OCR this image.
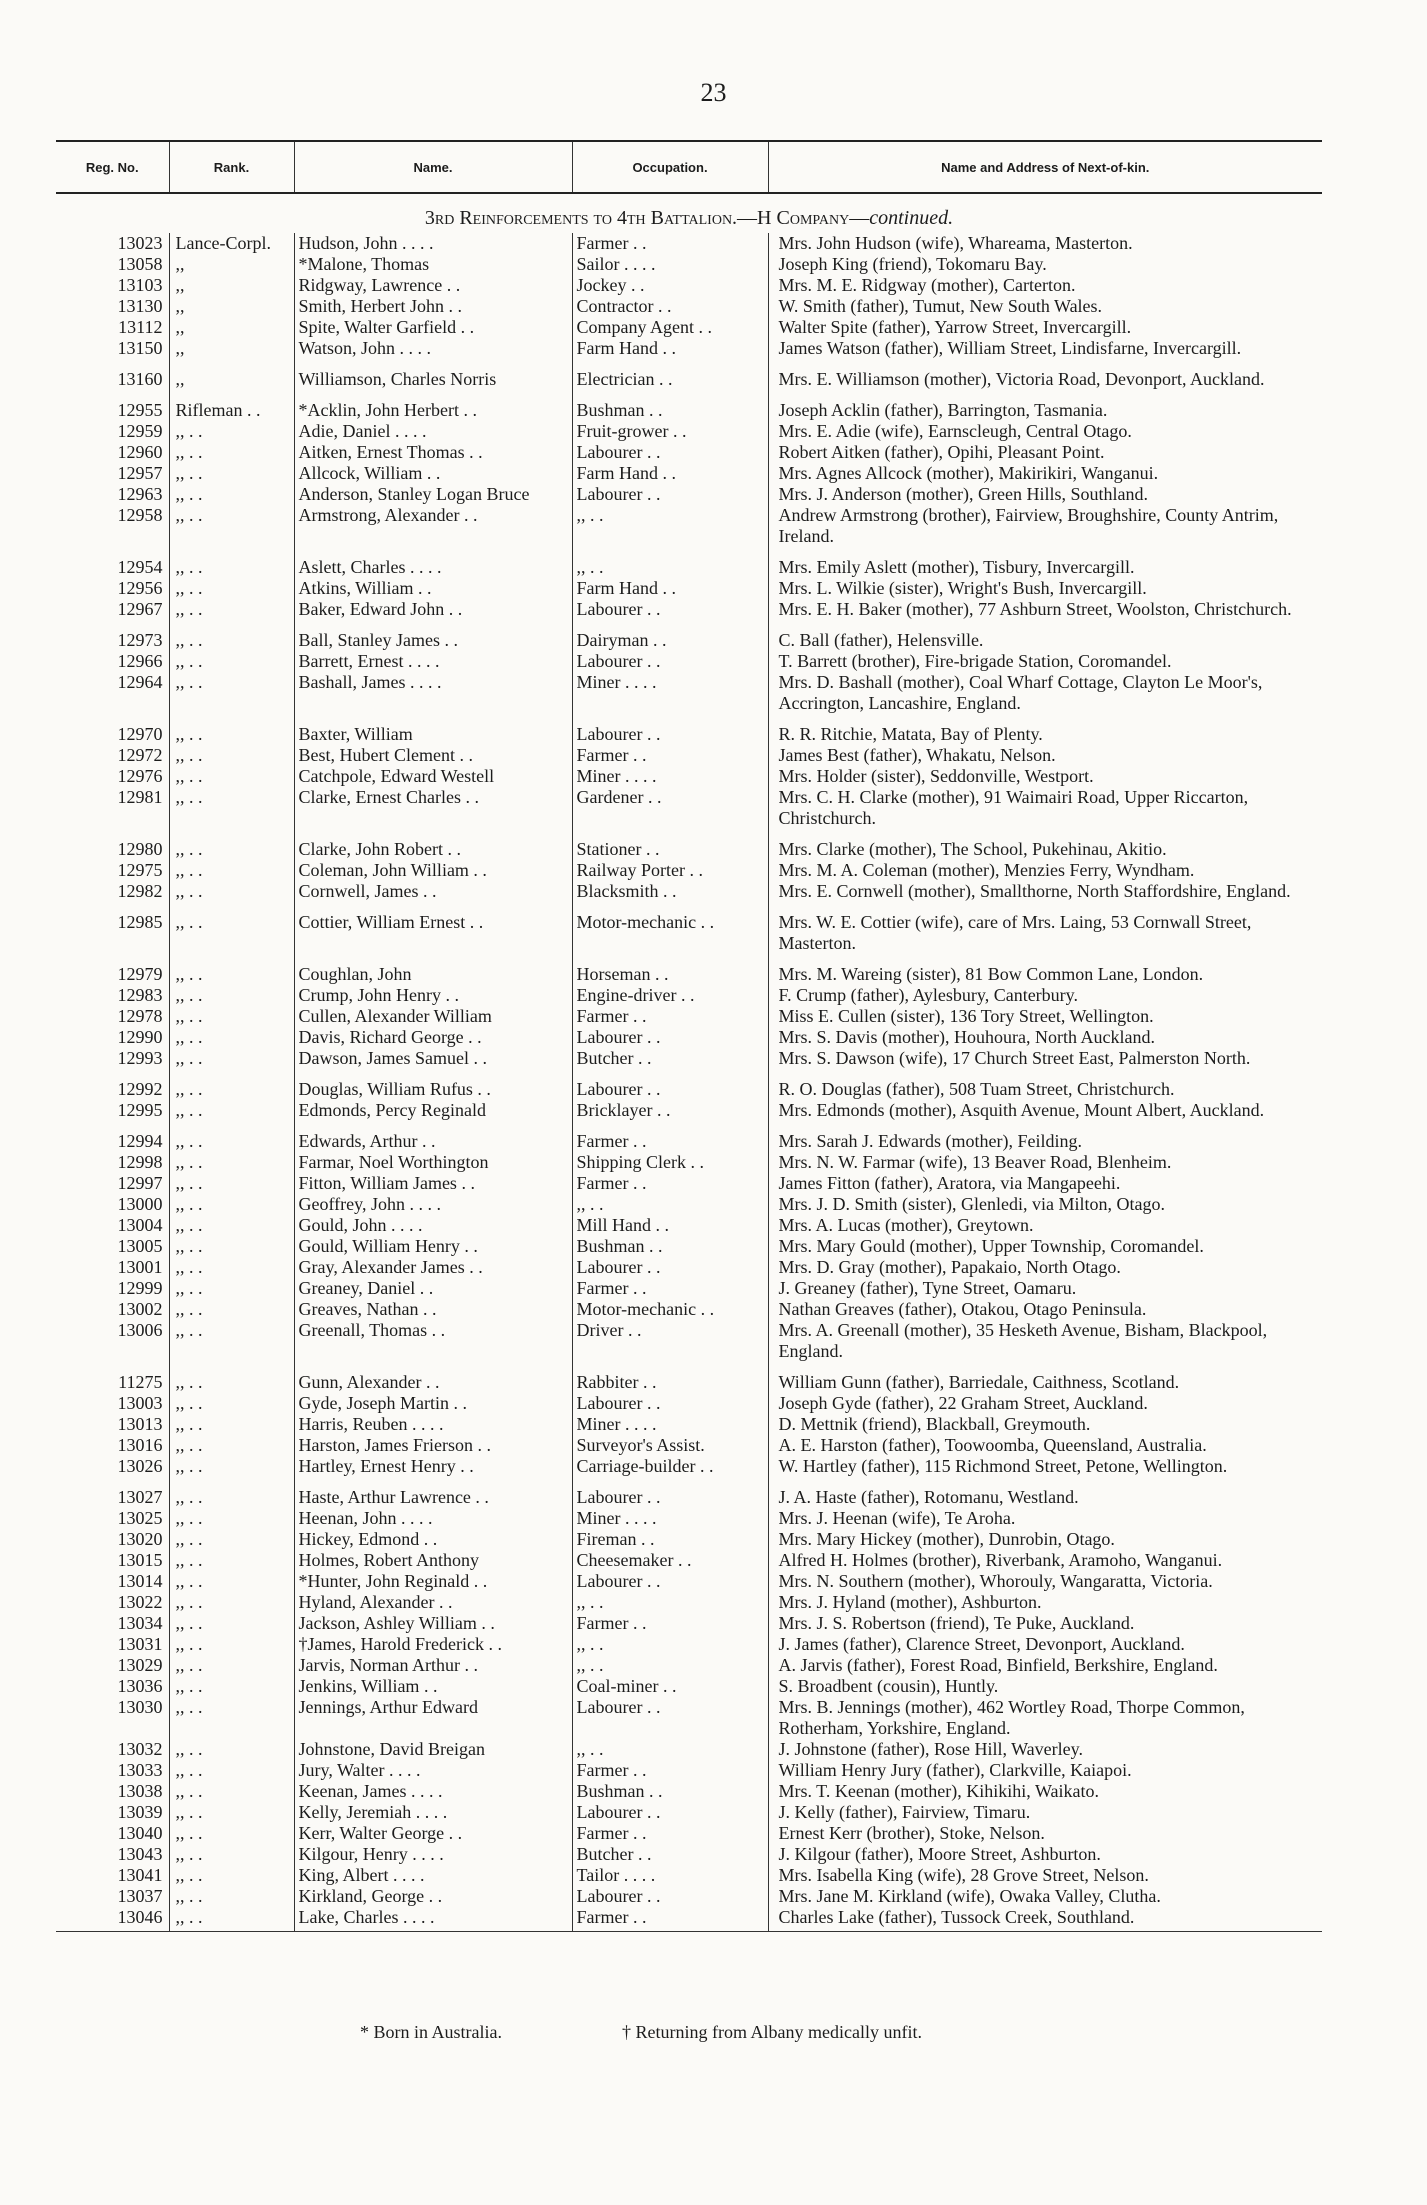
23
Reg. No.	Rank.	Name.	Occupation.	Name and Address of Next-of-kin.
3rd Reinforcements to 4th Battalion.—H Company—continued.				
13023	Lance-Corpl.	Hudson, John . . . .	Farmer . .	Mrs. John Hudson (wife), Whareama, Masterton.
13058	,,	*Malone, Thomas	Sailor . . . .	Joseph King (friend), Tokomaru Bay.
13103	,,	Ridgway, Lawrence . .	Jockey . .	Mrs. M. E. Ridgway (mother), Carterton.
13130	,,	Smith, Herbert John . .	Contractor . .	W. Smith (father), Tumut, New South Wales.
13112	,,	Spite, Walter Garfield . .	Company Agent . .	Walter Spite (father), Yarrow Street, Invercargill.
13150	,,	Watson, John . . . .	Farm Hand . .	James Watson (father), William Street, Lindisfarne, Invercargill.
13160	,,	Williamson, Charles Norris	Electrician . .	Mrs. E. Williamson (mother), Victoria Road, Devonport, Auckland.
12955	Rifleman . .	*Acklin, John Herbert . .	Bushman . .	Joseph Acklin (father), Barrington, Tasmania.
12959	,, . .	Adie, Daniel . . . .	Fruit-grower . .	Mrs. E. Adie (wife), Earnscleugh, Central Otago.
12960	,, . .	Aitken, Ernest Thomas . .	Labourer . .	Robert Aitken (father), Opihi, Pleasant Point.
12957	,, . .	Allcock, William . .	Farm Hand . .	Mrs. Agnes Allcock (mother), Makirikiri, Wanganui.
12963	,, . .	Anderson, Stanley Logan Bruce	Labourer . .	Mrs. J. Anderson (mother), Green Hills, Southland.
12958	,, . .	Armstrong, Alexander . .	,, . .	Andrew Armstrong (brother), Fairview, Broughshire, County Antrim, Ireland.
12954	,, . .	Aslett, Charles . . . .	,, . .	Mrs. Emily Aslett (mother), Tisbury, Invercargill.
12956	,, . .	Atkins, William . .	Farm Hand . .	Mrs. L. Wilkie (sister), Wright's Bush, Invercargill.
12967	,, . .	Baker, Edward John . .	Labourer . .	Mrs. E. H. Baker (mother), 77 Ashburn Street, Woolston, Christchurch.
12973	,, . .	Ball, Stanley James . .	Dairyman . .	C. Ball (father), Helensville.
12966	,, . .	Barrett, Ernest . . . .	Labourer . .	T. Barrett (brother), Fire-brigade Station, Coromandel.
12964	,, . .	Bashall, James . . . .	Miner . . . .	Mrs. D. Bashall (mother), Coal Wharf Cottage, Clayton Le Moor's, Accrington, Lancashire, England.
12970	,, . .	Baxter, William	Labourer . .	R. R. Ritchie, Matata, Bay of Plenty.
12972	,, . .	Best, Hubert Clement . .	Farmer . .	James Best (father), Whakatu, Nelson.
12976	,, . .	Catchpole, Edward Westell	Miner . . . .	Mrs. Holder (sister), Seddonville, Westport.
12981	,, . .	Clarke, Ernest Charles . .	Gardener . .	Mrs. C. H. Clarke (mother), 91 Waimairi Road, Upper Riccarton, Christchurch.
12980	,, . .	Clarke, John Robert . .	Stationer . .	Mrs. Clarke (mother), The School, Pukehinau, Akitio.
12975	,, . .	Coleman, John William . .	Railway Porter . .	Mrs. M. A. Coleman (mother), Menzies Ferry, Wyndham.
12982	,, . .	Cornwell, James . .	Blacksmith . .	Mrs. E. Cornwell (mother), Smallthorne, North Staffordshire, England.
12985	,, . .	Cottier, William Ernest . .	Motor-mechanic . .	Mrs. W. E. Cottier (wife), care of Mrs. Laing, 53 Cornwall Street, Masterton.
12979	,, . .	Coughlan, John	Horseman . .	Mrs. M. Wareing (sister), 81 Bow Common Lane, London.
12983	,, . .	Crump, John Henry . .	Engine-driver . .	F. Crump (father), Aylesbury, Canterbury.
12978	,, . .	Cullen, Alexander William	Farmer . .	Miss E. Cullen (sister), 136 Tory Street, Wellington.
12990	,, . .	Davis, Richard George . .	Labourer . .	Mrs. S. Davis (mother), Houhoura, North Auckland.
12993	,, . .	Dawson, James Samuel . .	Butcher . .	Mrs. S. Dawson (wife), 17 Church Street East, Palmerston North.
12992	,, . .	Douglas, William Rufus . .	Labourer . .	R. O. Douglas (father), 508 Tuam Street, Christchurch.
12995	,, . .	Edmonds, Percy Reginald	Bricklayer . .	Mrs. Edmonds (mother), Asquith Avenue, Mount Albert, Auckland.
12994	,, . .	Edwards, Arthur . .	Farmer . .	Mrs. Sarah J. Edwards (mother), Feilding.
12998	,, . .	Farmar, Noel Worthington	Shipping Clerk . .	Mrs. N. W. Farmar (wife), 13 Beaver Road, Blenheim.
12997	,, . .	Fitton, William James . .	Farmer . .	James Fitton (father), Aratora, via Mangapeehi.
13000	,, . .	Geoffrey, John . . . .	,, . .	Mrs. J. D. Smith (sister), Glenledi, via Milton, Otago.
13004	,, . .	Gould, John . . . .	Mill Hand . .	Mrs. A. Lucas (mother), Greytown.
13005	,, . .	Gould, William Henry . .	Bushman . .	Mrs. Mary Gould (mother), Upper Township, Coromandel.
13001	,, . .	Gray, Alexander James . .	Labourer . .	Mrs. D. Gray (mother), Papakaio, North Otago.
12999	,, . .	Greaney, Daniel . .	Farmer . .	J. Greaney (father), Tyne Street, Oamaru.
13002	,, . .	Greaves, Nathan . .	Motor-mechanic . .	Nathan Greaves (father), Otakou, Otago Peninsula.
13006	,, . .	Greenall, Thomas . .	Driver . .	Mrs. A. Greenall (mother), 35 Hesketh Avenue, Bisham, Blackpool, England.
11275	,, . .	Gunn, Alexander . .	Rabbiter . .	William Gunn (father), Barriedale, Caithness, Scotland.
13003	,, . .	Gyde, Joseph Martin . .	Labourer . .	Joseph Gyde (father), 22 Graham Street, Auckland.
13013	,, . .	Harris, Reuben . . . .	Miner . . . .	D. Mettnik (friend), Blackball, Greymouth.
13016	,, . .	Harston, James Frierson . .	Surveyor's Assist.	A. E. Harston (father), Toowoomba, Queensland, Australia.
13026	,, . .	Hartley, Ernest Henry . .	Carriage-builder . .	W. Hartley (father), 115 Richmond Street, Petone, Wellington.
13027	,, . .	Haste, Arthur Lawrence . .	Labourer . .	J. A. Haste (father), Rotomanu, Westland.
13025	,, . .	Heenan, John . . . .	Miner . . . .	Mrs. J. Heenan (wife), Te Aroha.
13020	,, . .	Hickey, Edmond . .	Fireman . .	Mrs. Mary Hickey (mother), Dunrobin, Otago.
13015	,, . .	Holmes, Robert Anthony	Cheesemaker . .	Alfred H. Holmes (brother), Riverbank, Aramoho, Wanganui.
13014	,, . .	*Hunter, John Reginald . .	Labourer . .	Mrs. N. Southern (mother), Whorouly, Wangaratta, Victoria.
13022	,, . .	Hyland, Alexander . .	,, . .	Mrs. J. Hyland (mother), Ashburton.
13034	,, . .	Jackson, Ashley William . .	Farmer . .	Mrs. J. S. Robertson (friend), Te Puke, Auckland.
13031	,, . .	†James, Harold Frederick . .	,, . .	J. James (father), Clarence Street, Devonport, Auckland.
13029	,, . .	Jarvis, Norman Arthur . .	,, . .	A. Jarvis (father), Forest Road, Binfield, Berkshire, England.
13036	,, . .	Jenkins, William . .	Coal-miner . .	S. Broadbent (cousin), Huntly.
13030	,, . .	Jennings, Arthur Edward	Labourer . .	Mrs. B. Jennings (mother), 462 Wortley Road, Thorpe Common, Rotherham, Yorkshire, England.
13032	,, . .	Johnstone, David Breigan	,, . .	J. Johnstone (father), Rose Hill, Waverley.
13033	,, . .	Jury, Walter . . . .	Farmer . .	William Henry Jury (father), Clarkville, Kaiapoi.
13038	,, . .	Keenan, James . . . .	Bushman . .	Mrs. T. Keenan (mother), Kihikihi, Waikato.
13039	,, . .	Kelly, Jeremiah . . . .	Labourer . .	J. Kelly (father), Fairview, Timaru.
13040	,, . .	Kerr, Walter George . .	Farmer . .	Ernest Kerr (brother), Stoke, Nelson.
13043	,, . .	Kilgour, Henry . . . .	Butcher . .	J. Kilgour (father), Moore Street, Ashburton.
13041	,, . .	King, Albert . . . .	Tailor . . . .	Mrs. Isabella King (wife), 28 Grove Street, Nelson.
13037	,, . .	Kirkland, George . .	Labourer . .	Mrs. Jane M. Kirkland (wife), Owaka Valley, Clutha.
13046	,, . .	Lake, Charles . . . .	Farmer . .	Charles Lake (father), Tussock Creek, Southland.
* Born in Australia.	† Returning from Albany medically unfit.
